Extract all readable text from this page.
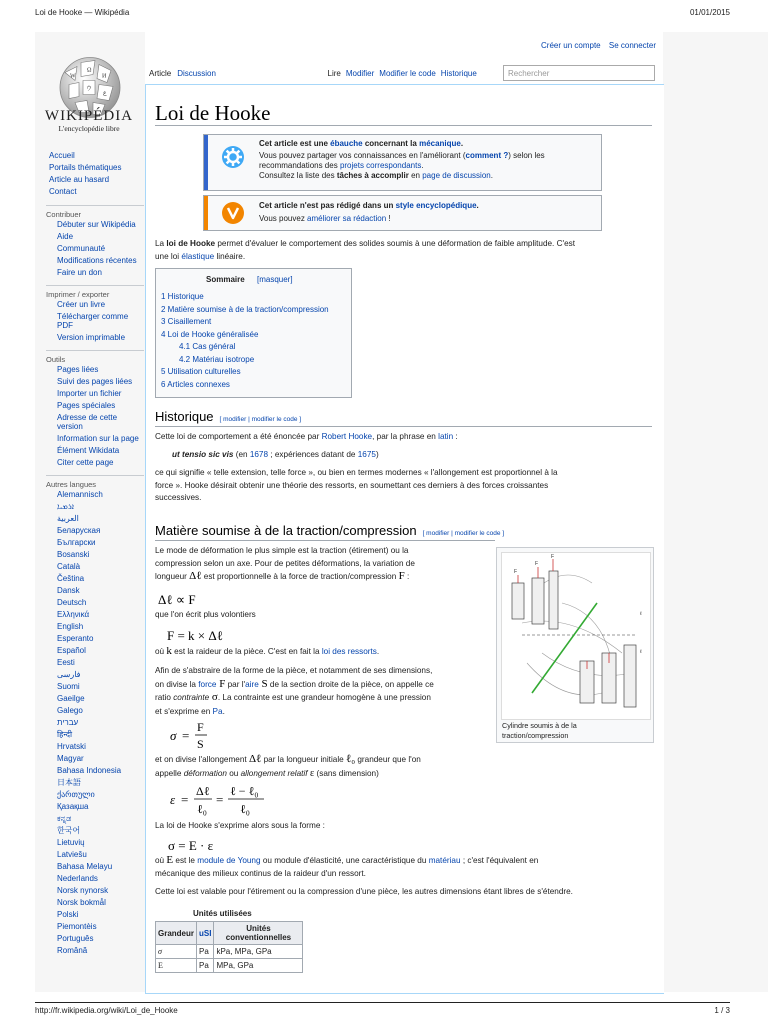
Loi de Hooke — Wikipédia	01/01/2015
W
Ω
И
ウ
ع
WIKIPÉDIA
L'encyclopédie libre
Créer un compte Se connecter
Article Discussion	Lire Modifier Modifier le code Historique	Rechercher
Accueil
Portails thématiques
Article au hasard
Contact
Contribuer
Débuter sur Wikipédia
Aide
Communauté
Modifications récentes
Faire un don
Imprimer / exporter
Créer un livre
Télécharger comme PDF
Version imprimable
Outils
Pages liées
Suivi des pages liées
Importer un fichier
Pages spéciales
Adresse de cette version
Information sur la page
Élément Wikidata
Citer cette page
Autres langues
Alemannisch
ܐܪܡܝܐ
العربية
Беларуская
Български
Bosanski
Català
Čeština
Dansk
Deutsch
Ελληνικά
English
Esperanto
Español
Eesti
فارسی
Suomi
Gaeilge
Galego
עברית
हिन्दी
Hrvatski
Magyar
Bahasa Indonesia
日本語
ქართული
Қазақша
ಕನ್ನಡ
한국어
Lietuvių
Latviešu
Bahasa Melayu
Nederlands
Norsk nynorsk
Norsk bokmål
Polski
Piemontèis
Português
Română
Loi de Hooke
Cet article est une ébauche concernant la mécanique.
Vous pouvez partager vos connaissances en l'améliorant (comment ?) selon les
recommandations des projets correspondants.
Consultez la liste des tâches à accomplir en page de discussion.
Cet article n'est pas rédigé dans un style encyclopédique.
Vous pouvez améliorer sa rédaction !
La loi de Hooke permet d'évaluer le comportement des solides soumis à une déformation de faible amplitude. C'est
une loi élastique linéaire.
Sommaire [masquer]
1 Historique
2 Matière soumise à de la traction/compression
3 Cisaillement
4 Loi de Hooke généralisée
4.1 Cas général
4.2 Matériau isotrope
5 Utilisation culturelles
6 Articles connexes
Historique [ modifier | modifier le code ]
Cette loi de comportement a été énoncée par Robert Hooke, par la phrase en latin :
ut tensio sic vis (en 1678 ; expériences datant de 1675)
ce qui signifie « telle extension, telle force », ou bien en termes modernes « l'allongement est proportionnel à la
force ». Hooke désirait obtenir une théorie des ressorts, en soumettant ces derniers à des forces croissantes
successives.
Matière soumise à de la traction/compression [ modifier | modifier le code ]
Le mode de déformation le plus simple est la traction (étirement) ou la
compression selon un axe. Pour de petites déformations, la variation de
longueur Δℓ est proportionnelle à la force de traction/compression F :
Δℓ ∝ F
que l'on écrit plus volontiers
F = k × Δℓ
où k est la raideur de la pièce. C'est en fait la loi des ressorts.
Afin de s'abstraire de la forme de la pièce, et notamment de ses dimensions,
on divise la force F par l'aire S de la section droite de la pièce, on appelle ce
ratio contrainte σ. La contrainte est une grandeur homogène à une pression
et s'exprime en Pa.
σ =
F
S
et on divise l'allongement Δℓ par la longueur initiale ℓ₀ grandeur que l'on
appelle déformation ou allongement relatif ε (sans dimension)
ε =
Δℓ
ℓ₀
=
ℓ − ℓ₀
ℓ₀
La loi de Hooke s'exprime alors sous la forme :
σ = E · ε
où E est le module de Young ou module d'élasticité, une caractéristique du matériau ; c'est l'équivalent en
mécanique des milieux continus de la raideur d'un ressort.
Cette loi est valable pour l'étirement ou la compression d'une pièce, les autres dimensions étant libres de s'étendre.
F
F
F
ℓ
ℓ
Cylindre soumis à de la
traction/compression
Unités utilisées
Grandeur	uSI	Unités conventionnelles
σ	Pa	kPa, MPa, GPa
E	Pa	MPa, GPa
http://fr.wikipedia.org/wiki/Loi_de_Hooke	1 / 3
